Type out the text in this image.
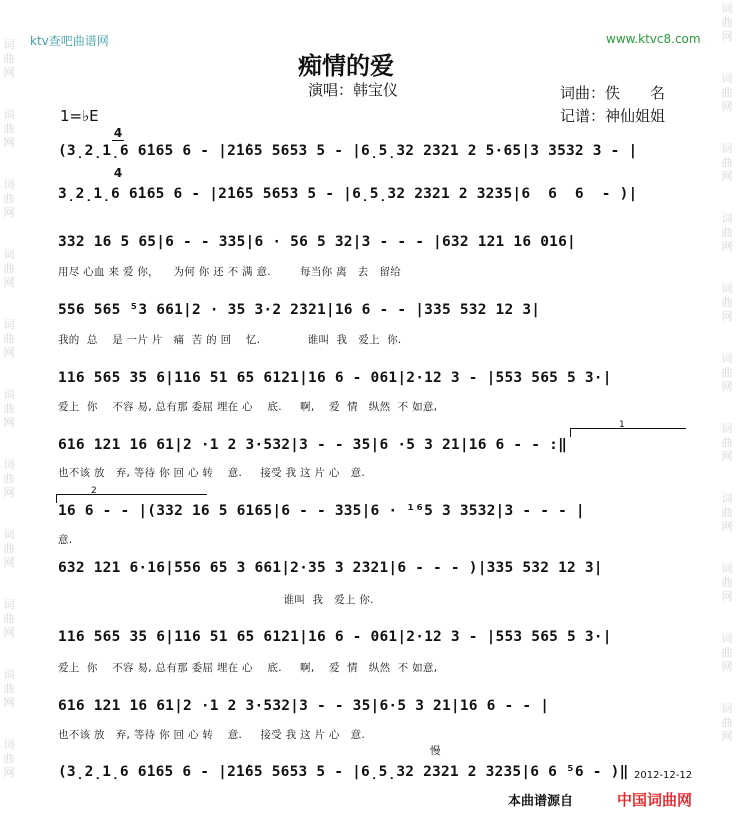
词曲网
词曲网
词曲网
词曲网
词曲网
词曲网
词曲网
词曲网
词曲网
词曲网
词曲网
词曲网
词曲网
词曲网
词曲网
词曲网
词曲网
词曲网
词曲网
词曲网
词曲网
词曲网
ktv查吧曲谱网	www.ktvc8.com
痴情的爱
演唱：韩宝仪
1=♭E

$\frac{4}{4}$

词曲：佚　　名
记谱：神仙姐姐
(3̣2̣1̣6 6̇165 6 - |2̇1̇65 5653 5 - |6̣5̣32 2321 2 5·65|3 3532 3 - |
3̣2̣1̣6 6̇165 6 - |2̇1̇65 5653 5 - |6̣5̣32 2321 2 3235|6  6  6  - )|
332 16 5 65|6 - - 335|6 · 56 5 32|3 - - - |632 121 16 016|
用尽 心血 来 爱 你，    为何 你 还 不 满 意.        每当你 离   去   留给
556 565 ⁵3 661|2 · 35 3·2 2321|16 6 - - |335 532 12 3|
我的  总    是 一片 片   痛  苦 的 回    忆.             谁叫  我   爱上  你.
116 565 35 6|116 51 65 6121|16 6 - 061|2·12 3 - |553 565 5 3·|
爱上  你    不容 易, 总有那 委屈 埋在 心    底.     啊,    爱  情   纵然  不 如意,
1
616 121 16 61|2 ·1 2 3·532|3 - - 35|6 ·5 3 21|16 6 - - :‖
也不该 放   弃, 等待 你 回 心 转    意.     接受 我 这 片 心   意.
2
16 6 - - |(332 16 5 6165|6 - - 335|6 · ¹⁶5 3 3532|3 - - - |
意.
632 121 6·16|556 65 3 661|2·35 3 2321|6 - - - )|335 532 12 3|
谁叫  我   爱上 你.
116 565 35 6|116 51 65 6121|16 6 - 061|2·12 3 - |553 565 5 3·|
爱上  你    不容 易, 总有那 委屈 埋在 心    底.     啊,    爱  情   纵然  不 如意,
616 121 16 61|2 ·1 2 3·532|3 - - 35|6·5 3 21|16 6 - - |
也不该 放   弃, 等待 你 回 心 转    意.     接受 我 这 片 心   意.
慢
(3̣2̣1̣6 6̇165 6 - |2̇1̇65 5653 5 - |6̣5̣32 2321 2 3235|6 6 ⁵6 - )‖ 2012-12-12
本曲谱源自	中国词曲网
